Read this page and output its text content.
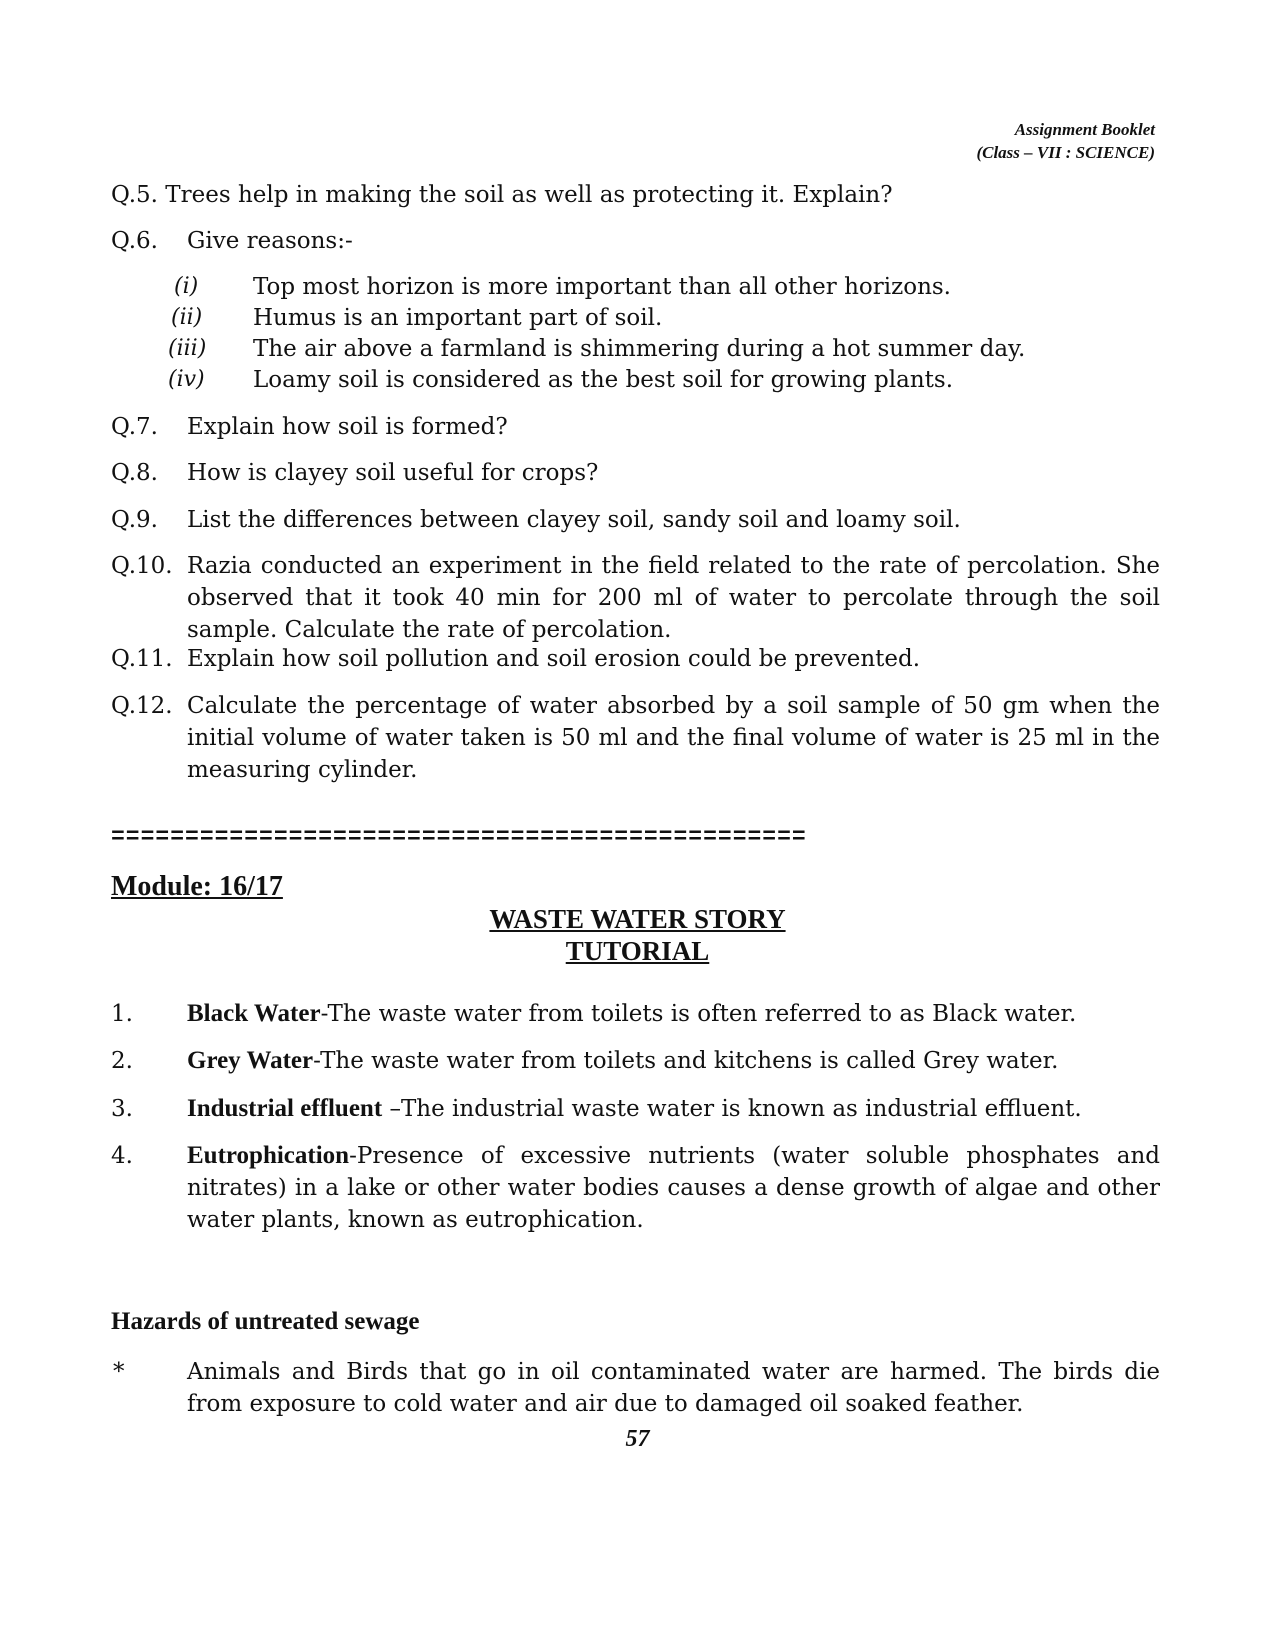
Assignment Booklet
(Class – VII : SCIENCE)
Q.5. Trees help in making the soil as well as protecting it. Explain?
Q.6. Give reasons:-
(i) Top most horizon is more important than all other horizons.
(ii) Humus is an important part of soil.
(iii) The air above a farmland is shimmering during a hot summer day.
(iv) Loamy soil is considered as the best soil for growing plants.
Q.7. Explain how soil is formed?
Q.8. How is clayey soil useful for crops?
Q.9. List the differences between clayey soil, sandy soil and loamy soil.
Q.10. Razia conducted an experiment in the field related to the rate of percolation. She observed that it took 40 min for 200 ml of water to percolate through the soil sample. Calculate the rate of percolation.
Q.11. Explain how soil pollution and soil erosion could be prevented.
Q.12. Calculate the percentage of water absorbed by a soil sample of 50 gm when the initial volume of water taken is 50 ml and the final volume of water is 25 ml in the measuring cylinder.
===============================================
Module: 16/17
WASTE WATER STORY
TUTORIAL
1. Black Water-The waste water from toilets is often referred to as Black water.
2. Grey Water-The waste water from toilets and kitchens is called Grey water.
3. Industrial effluent –The industrial waste water is known as industrial effluent.
4. Eutrophication-Presence of excessive nutrients (water soluble phosphates and nitrates) in a lake or other water bodies causes a dense growth of algae and other water plants, known as eutrophication.
Hazards of untreated sewage
*	Animals and Birds that go in oil contaminated water are harmed. The birds die from exposure to cold water and air due to damaged oil soaked feather.
57
